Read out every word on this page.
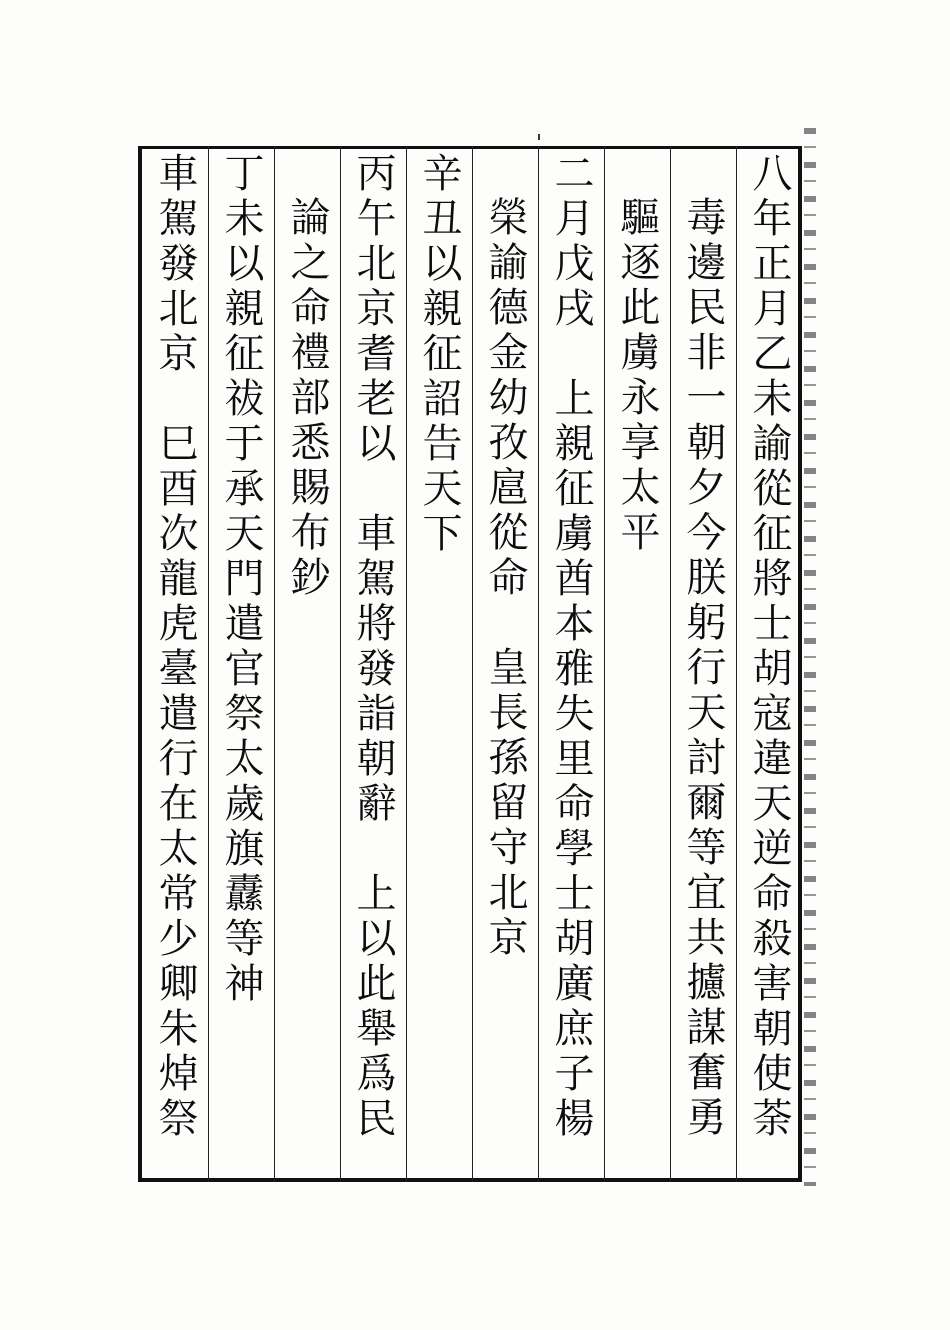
八年正月乙未諭從征將士胡寇違天逆命殺害朝使荼
毒邊民非一朝夕今朕躬行天討爾等宜共攄謀奮勇
驅逐此虜永享太平
二月戊戌　上親征虜酋本雅失里命學士胡廣庶子楊
榮諭德金幼孜扈從命　皇長孫留守北京
辛丑以親征詔告天下
丙午北京耆老以　車駕將發詣朝辭　上以此舉爲民
論之命禮部悉賜布鈔
丁未以親征祓于承天門遣官祭太歲旗纛等神
車駕發北京　巳酉次龍虎臺遣行在太常少卿朱焯祭
